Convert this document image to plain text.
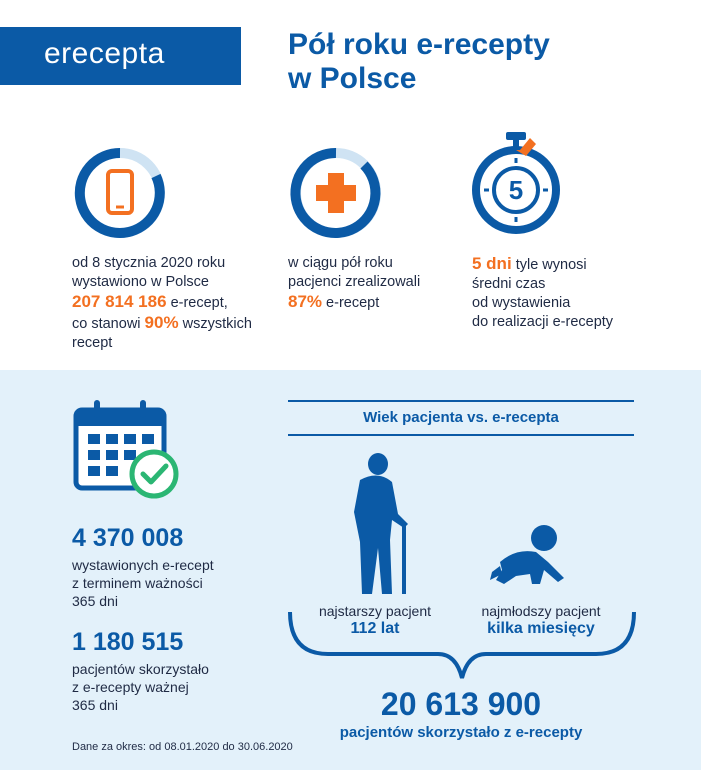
erecepta	Pół roku e-recepty
w Polsce
5
od 8 stycznia 2020 roku
wystawiono w Polsce
207 814 186 e-recept,
co stanowi 90% wszystkich
recept
w ciągu pół roku
pacjenci zrealizowali
87% e-recept
5 dni tyle wynosi
średni czas
od wystawienia
do realizacji e-recepty
4 370 008
wystawionych e-recept
z terminem ważności
365 dni
1 180 515
pacjentów skorzystało
z e-recepty ważnej
365 dni
Dane za okres: od 08.01.2020 do 30.06.2020
Wiek pacjenta vs. e-recepta
najstarszy pacjent
112 lat
najmłodszy pacjent
kilka miesięcy
20 613 900
pacjentów skorzystało z e-recepty
